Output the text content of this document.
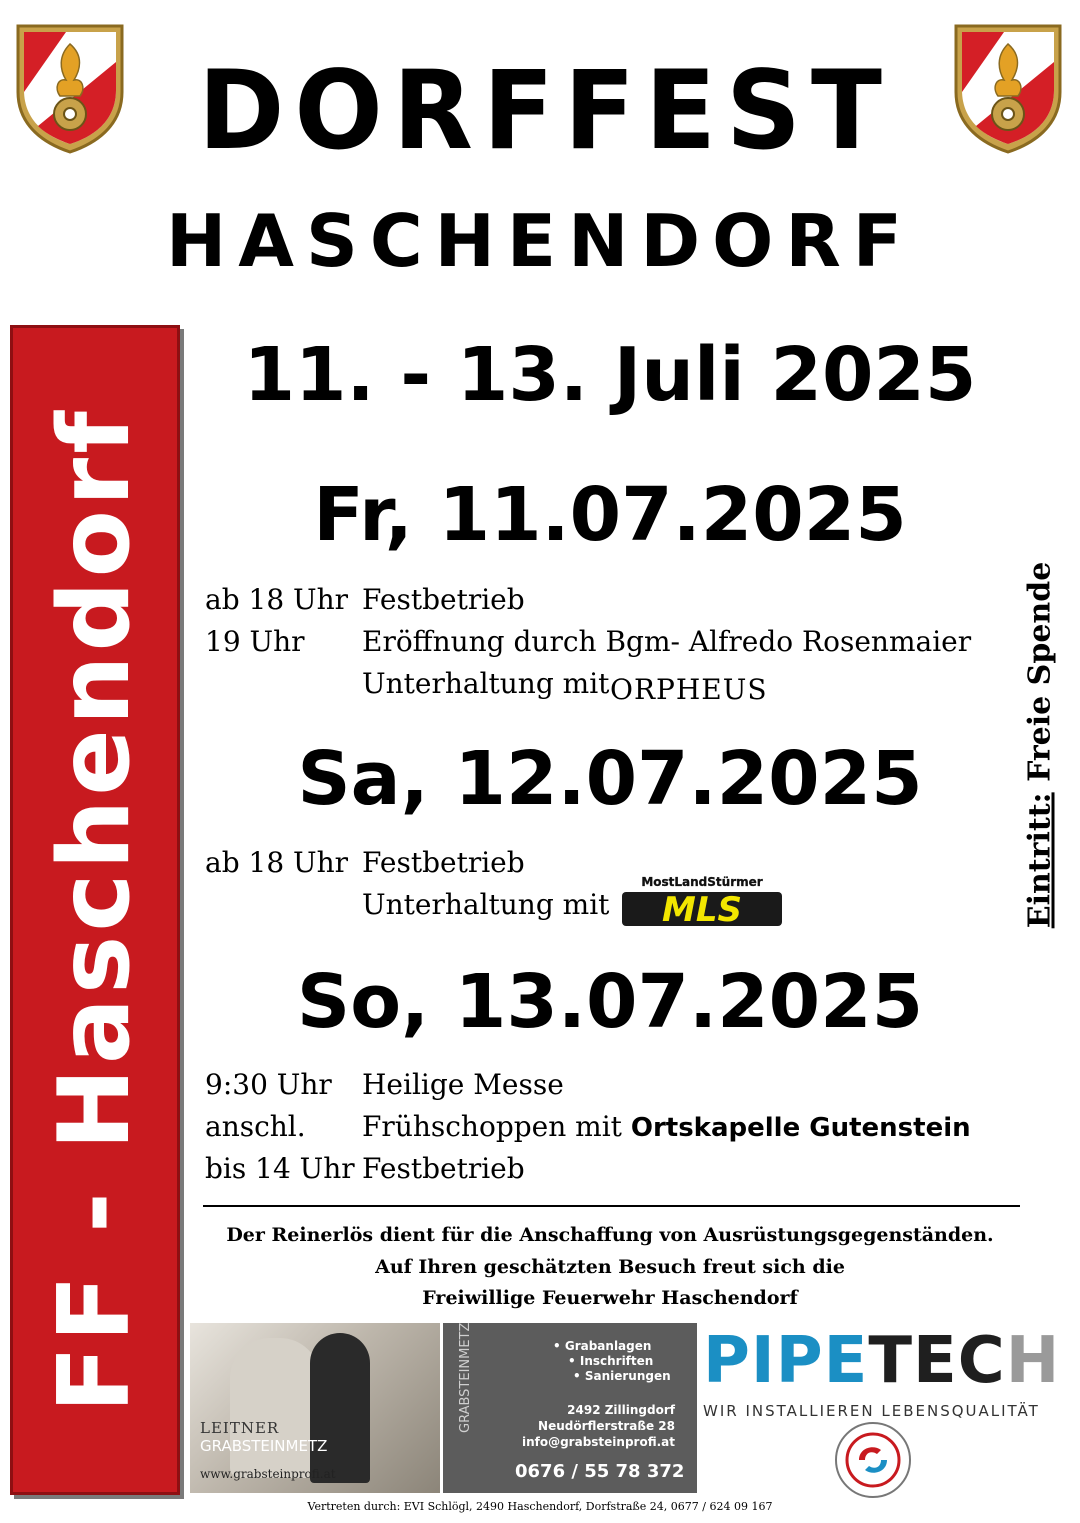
DORFFEST
HASCHENDORF
FF - Haschendorf
11. - 13. Juli 2025
Fr, 11.07.2025
ab 18 Uhr Festbetrieb
19 Uhr Eröffnung durch Bgm- Alfredo Rosenmaier
Unterhaltung mit ORPHEUS
Sa, 12.07.2025
ab 18 Uhr Festbetrieb
Unterhaltung mit
MostLandStürmer
MLS
So, 13.07.2025
9:30 Uhr Heilige Messe
anschl. Frühschoppen mit Ortskapelle Gutenstein
bis 14 Uhr Festbetrieb
Eintritt: Freie Spende
Der Reinerlös dient für die Anschaffung von Ausrüstungsgegenständen.
Auf Ihren geschätzten Besuch freut sich die
Freiwillige Feuerwehr Haschendorf
LEITNER
GRABSTEINMETZ
www.grabsteinprofi.at
GRABSTEINMETZ	• Grabanlagen
• Inschriften
• Sanierungen
2492 Zillingdorf
Neudörflerstraße 28
info@grabsteinprofi.at
0676 / 55 78 372
PIPETECH
WIR INSTALLIEREN LEBENSQUALITÄT
Vertreten durch: EVI Schlögl, 2490 Haschendorf, Dorfstraße 24, 0677 / 624 09 167
